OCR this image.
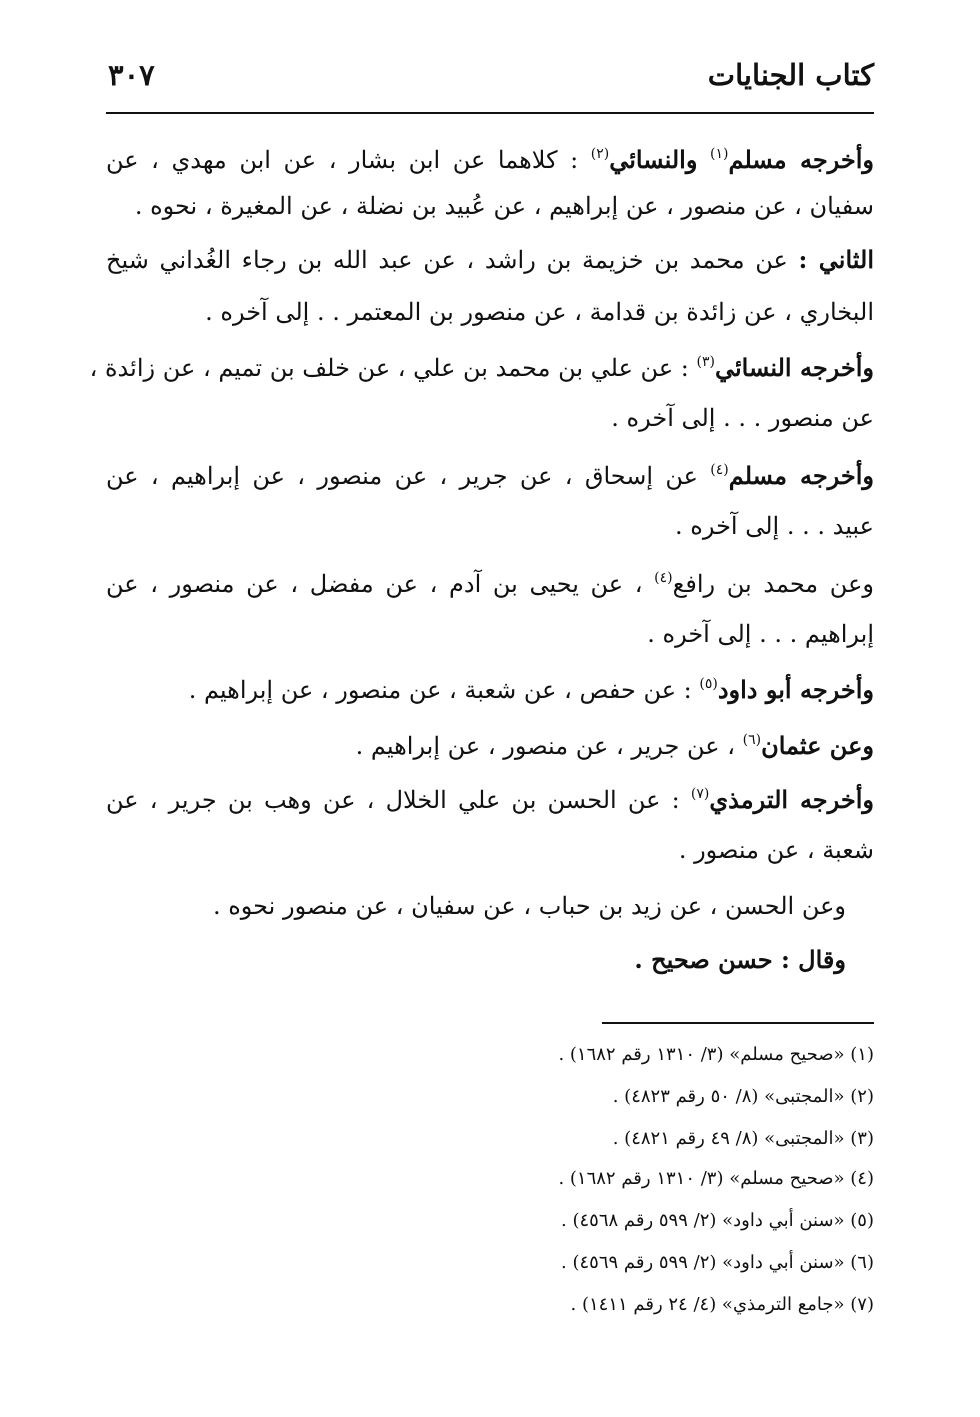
كتاب الجنايات
٣٠٧
وأخرجه مسلم$^{(١)}$ والنسائي$^{(٢)}$ : كلاهما عن ابن بشار ، عن ابن مهدي ، عن
سفيان ، عن منصور ، عن إبراهيم ، عن عُبيد بن نضلة ، عن المغيرة ، نحوه .
الثاني : عن محمد بن خزيمة بن راشد ، عن عبد الله بن رجاء الغُداني شيخ
البخاري ، عن زائدة بن قدامة ، عن منصور بن المعتمر . . إلى آخره .
وأخرجه النسائي$^{(٣)}$ : عن علي بن محمد بن علي ، عن خلف بن تميم ، عن زائدة ،
عن منصور . . . إلى آخره .
وأخرجه مسلم$^{(٤)}$ عن إسحاق ، عن جرير ، عن منصور ، عن إبراهيم ، عن
عبيد . . . إلى آخره .
وعن محمد بن رافع$^{(٤)}$ ، عن يحيى بن آدم ، عن مفضل ، عن منصور ، عن
إبراهيم . . . إلى آخره .
وأخرجه أبو داود$^{(٥)}$ : عن حفص ، عن شعبة ، عن منصور ، عن إبراهيم .
وعن عثمان$^{(٦)}$ ، عن جرير ، عن منصور ، عن إبراهيم .
وأخرجه الترمذي$^{(٧)}$ : عن الحسن بن علي الخلال ، عن وهب بن جرير ، عن
شعبة ، عن منصور .
وعن الحسن ، عن زيد بن حباب ، عن سفيان ، عن منصور نحوه .
وقال : حسن صحيح .
(١) «صحيح مسلم» (٣/ ١٣١٠ رقم ١٦٨٢) .
(٢) «المجتبى» (٨/ ٥٠ رقم ٤٨٢٣) .
(٣) «المجتبى» (٨/ ٤٩ رقم ٤٨٢١) .
(٤) «صحيح مسلم» (٣/ ١٣١٠ رقم ١٦٨٢) .
(٥) «سنن أبي داود» (٢/ ٥٩٩ رقم ٤٥٦٨) .
(٦) «سنن أبي داود» (٢/ ٥٩٩ رقم ٤٥٦٩) .
(٧) «جامع الترمذي» (٤/ ٢٤ رقم ١٤١١) .
